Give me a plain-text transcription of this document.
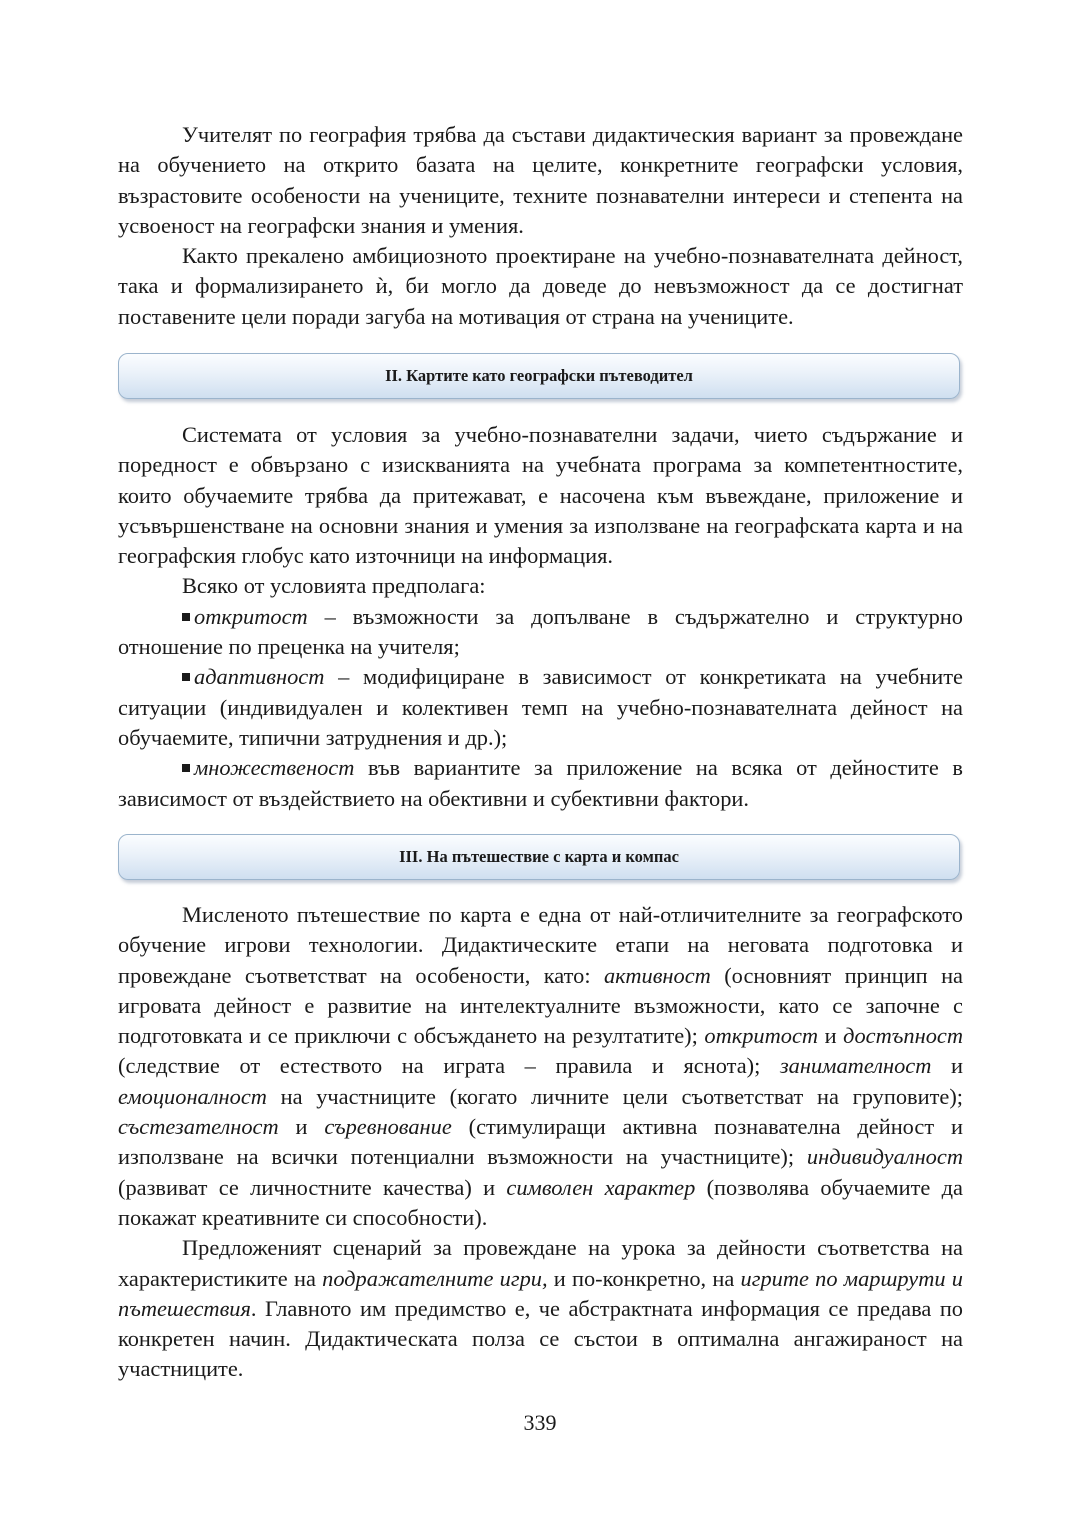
Учителят по география трябва да състави дидактическия вариант за провеждане на обучението на открито базата на целите, конкретните географски условия, възрастовите особености на учениците, техните познавателни интереси и степента на усвоеност на географски знания и умения.

Както прекалено амбициозното проектиране на учебно-познавателната дейност, така и формализирането ѝ, би могло да доведе до невъзможност да се достигнат поставените цели поради загуба на мотивация от страна на учениците.

II. Картите като географски пътеводител

Системата от условия за учебно-познавателни задачи, чието съдържание и поредност е обвързано с изискванията на учебната програма за компетентностите, които обучаемите трябва да притежават, е насочена към въвеждане, приложение и усъвършенстване на основни знания и умения за използване на географската карта и на географския глобус като източници на информация.

Всяко от условията предполага:

откритост – възможности за допълване в съдържателно и структурно отношение по преценка на учителя;

адаптивност – модифициране в зависимост от конкретиката на учебните ситуации (индивидуален и колективен темп на учебно-познавателната дейност на обучаемите, типични затруднения и др.);

множественост във вариантите за приложение на всяка от дейностите в зависимост от въздействието на обективни и субективни фактори.

III. На пътешествие с карта и компас

Мисленото пътешествие по карта е една от най-отличителните за географското обучение игрови технологии. Дидактическите етапи на неговата подготовка и провеждане съответстват на особености, като: активност (основният принцип на игровата дейност е развитие на интелектуалните възможности, като се започне с подготовката и се приключи с обсъждането на резултатите); откритост и достъпност (следствие от естеството на играта – правила и яснота); занимателност и емоционалност на участниците (когато личните цели съответстват на груповите); състезателност и съревнование (стимулиращи активна познавателна дейност и използване на всички потенциални възможности на участниците); индивидуалност (развиват се личностните качества) и символен характер (позволява обучаемите да покажат креативните си способности).

Предложеният сценарий за провеждане на урока за дейности съответства на характеристиките на подражателните игри, и по-конкретно, на игрите по маршрути и пътешествия. Главното им предимство е, че абстрактната информация се предава по конкретен начин. Дидактическата полза се състои в оптимална ангажираност на участниците.

339
